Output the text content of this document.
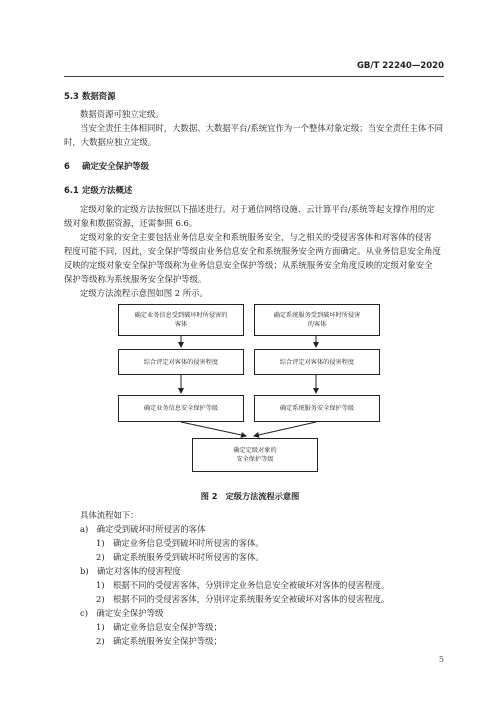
GB/T 22240—2020
5.3 数据资源
数据资源可独立定级。
当安全责任主体相同时，大数据、大数据平台/系统宜作为一个整体对象定级；当安全责任主体不同
时，大数据应独立定级。
6 确定安全保护等级
6.1 定级方法概述
定级对象的定级方法按照以下描述进行。对于通信网络设施、云计算平台/系统等起支撑作用的定
级对象和数据资源，还需参照 6.6。
定级对象的安全主要包括业务信息安全和系统服务安全，与之相关的受侵害客体和对客体的侵害
程度可能不同，因此，安全保护等级由业务信息安全和系统服务安全两方面确定。从业务信息安全角度
反映的定级对象安全保护等级称为业务信息安全保护等级；从系统服务安全角度反映的定级对象安全
保护等级称为系统服务安全保护等级。
定级方法流程示意图如图 2 所示。
确定业务信息受到破坏时所侵害的
客体
综合评定对客体的侵害程度
确定业务信息安全保护等级
确定系统服务受到破坏时所侵害
的客体
综合评定对客体的侵害程度
确定系统服务安全保护等级
确定定级对象的
安全保护等级
图 2　定级方法流程示意图
具体流程如下：
a)　确定受到破坏时所侵害的客体
1)　确定业务信息受到破坏时所侵害的客体。
2)　确定系统服务受到破坏时所侵害的客体。
b)　确定对客体的侵害程度
1)　根据不同的受侵害客体，分别评定业务信息安全被破坏对客体的侵害程度。
2)　根据不同的受侵害客体，分别评定系统服务安全被破坏对客体的侵害程度。
c)　确定安全保护等级
1)　确定业务信息安全保护等级；
2)　确定系统服务安全保护等级；
5
